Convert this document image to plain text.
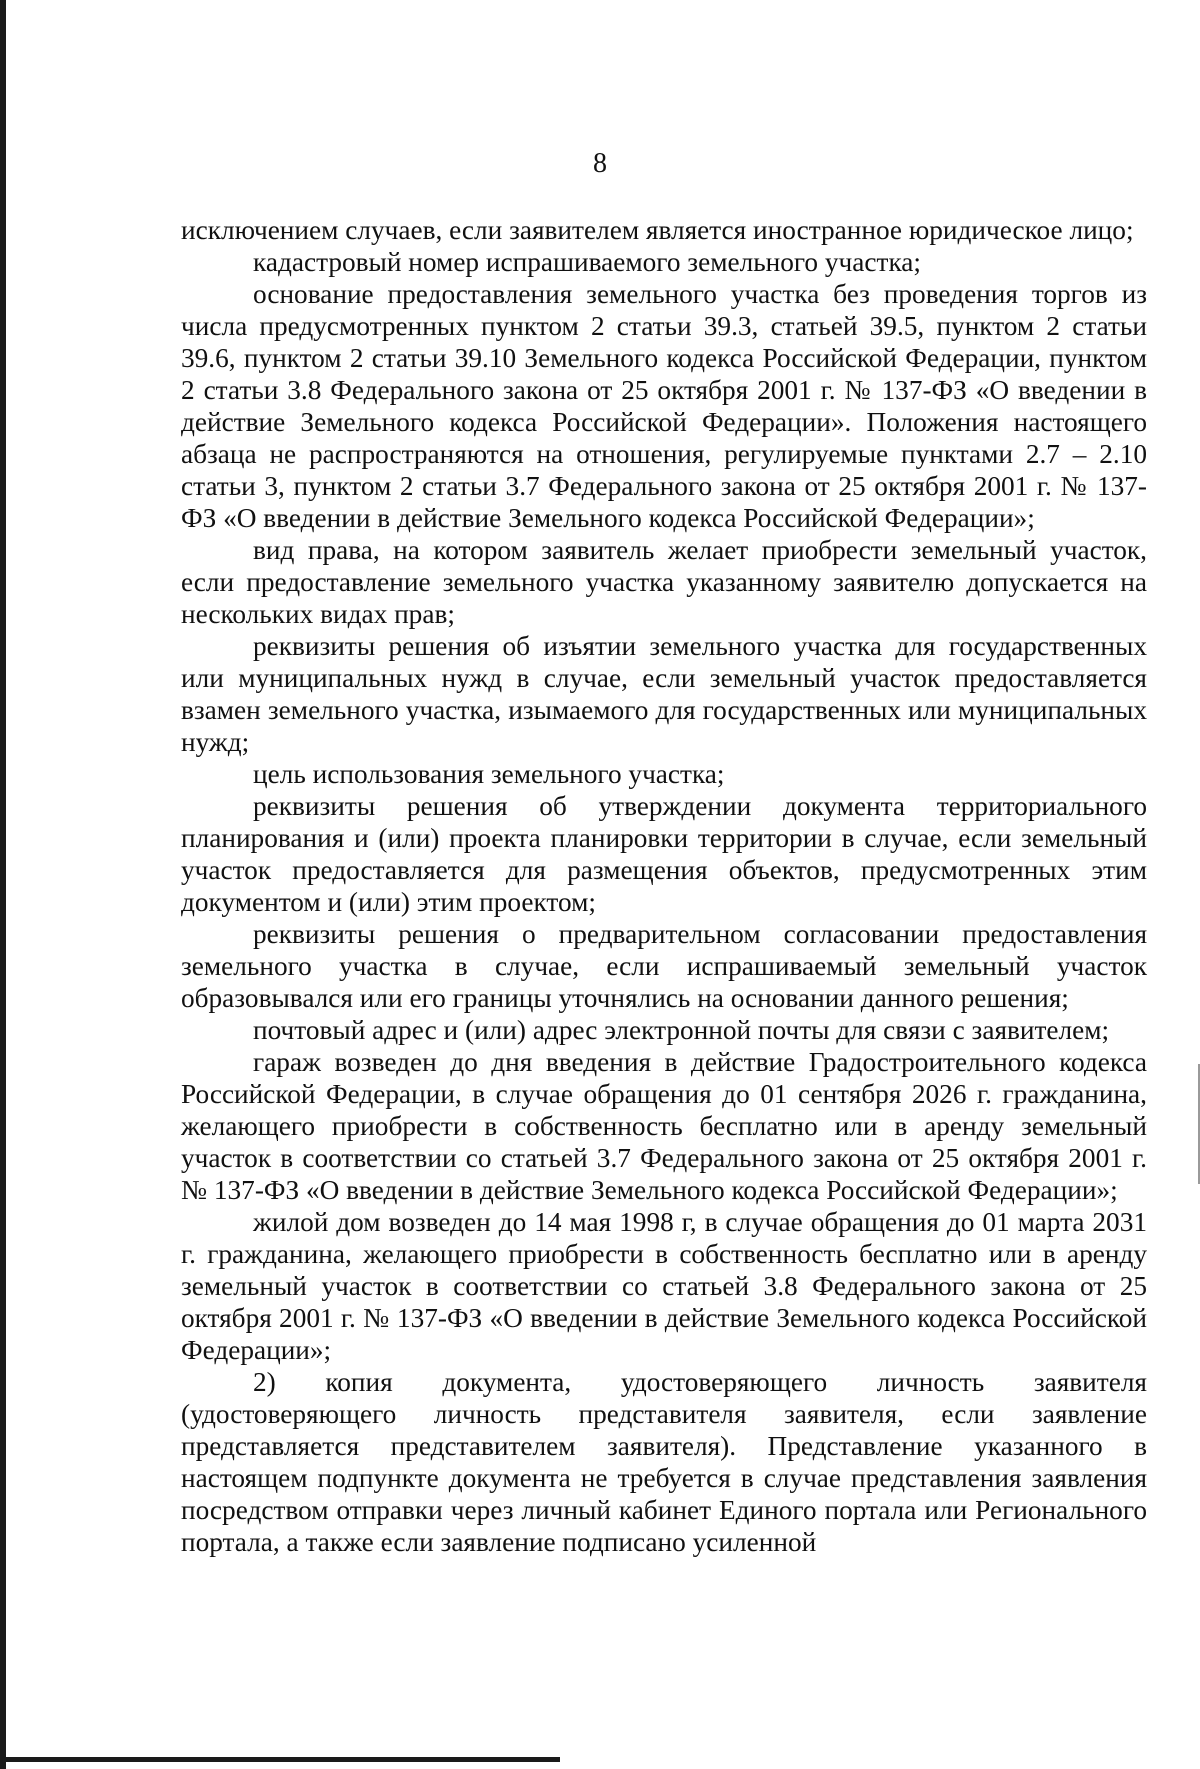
8

исключением случаев, если заявителем является иностранное юридическое лицо;

кадастровый номер испрашиваемого земельного участка;

основание предоставления земельного участка без проведения торгов из числа предусмотренных пунктом 2 статьи 39.3, статьей 39.5, пунктом 2 статьи 39.6, пунктом 2 статьи 39.10 Земельного кодекса Российской Федерации, пунктом 2 статьи 3.8 Федерального закона от 25 октября 2001 г. № 137-ФЗ «О введении в действие Земельного кодекса Российской Федерации». Положения настоящего абзаца не распространяются на отношения, регулируемые пунктами 2.7 – 2.10 статьи 3, пунктом 2 статьи 3.7 Федерального закона от 25 октября 2001 г. № 137-ФЗ «О введении в действие Земельного кодекса Российской Федерации»;

вид права, на котором заявитель желает приобрести земельный участок, если предоставление земельного участка указанному заявителю допускается на нескольких видах прав;

реквизиты решения об изъятии земельного участка для государственных или муниципальных нужд в случае, если земельный участок предоставляется взамен земельного участка, изымаемого для государственных или муниципальных нужд;

цель использования земельного участка;

реквизиты решения об утверждении документа территориального планирования и (или) проекта планировки территории в случае, если земельный участок предоставляется для размещения объектов, предусмотренных этим документом и (или) этим проектом;

реквизиты решения о предварительном согласовании предоставления земельного участка в случае, если испрашиваемый земельный участок образовывался или его границы уточнялись на основании данного решения;

почтовый адрес и (или) адрес электронной почты для связи с заявителем;

гараж возведен до дня введения в действие Градостроительного кодекса Российской Федерации, в случае обращения до 01 сентября 2026 г. гражданина, желающего приобрести в собственность бесплатно или в аренду земельный участок в соответствии со статьей 3.7 Федерального закона от 25 октября 2001 г. № 137-ФЗ «О введении в действие Земельного кодекса Российской Федерации»;

жилой дом возведен до 14 мая 1998 г, в случае обращения до 01 марта 2031 г. гражданина, желающего приобрести в собственность бесплатно или в аренду земельный участок в соответствии со статьей 3.8 Федерального закона от 25 октября 2001 г. № 137-ФЗ «О введении в действие Земельного кодекса Российской Федерации»;

2) копия документа, удостоверяющего личность заявителя (удостоверяющего личность представителя заявителя, если заявление представляется представителем заявителя). Представление указанного в настоящем подпункте документа не требуется в случае представления заявления посредством отправки через личный кабинет Единого портала или Регионального портала, а также если заявление подписано усиленной
